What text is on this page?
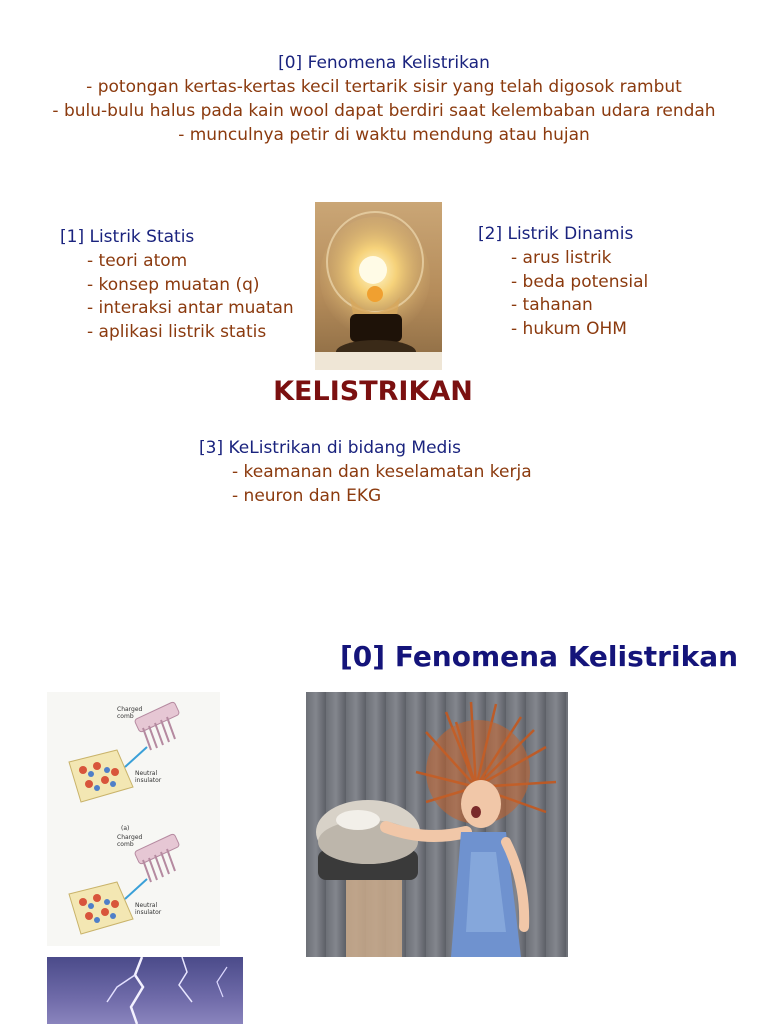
[0] Fenomena Kelistrikan
- potongan kertas-kertas kecil tertarik sisir yang telah digosok rambut
- bulu-bulu halus pada kain wool dapat berdiri saat kelembaban udara rendah
- munculnya petir di waktu mendung atau hujan
[1] Listrik Statis
- teori atom
- konsep muatan (q)
- interaksi antar muatan
- aplikasi listrik statis
[2] Listrik Dinamis
- arus listrik
- beda potensial
- tahanan
- hukum OHM
KELISTRIKAN
[3] KeListrikan di bidang Medis
- keamanan dan keselamatan kerja
- neuron dan EKG
[0] Fenomena Kelistrikan
Charged comb
Neutral insulator
(a)
Charged comb
Neutral insulator
